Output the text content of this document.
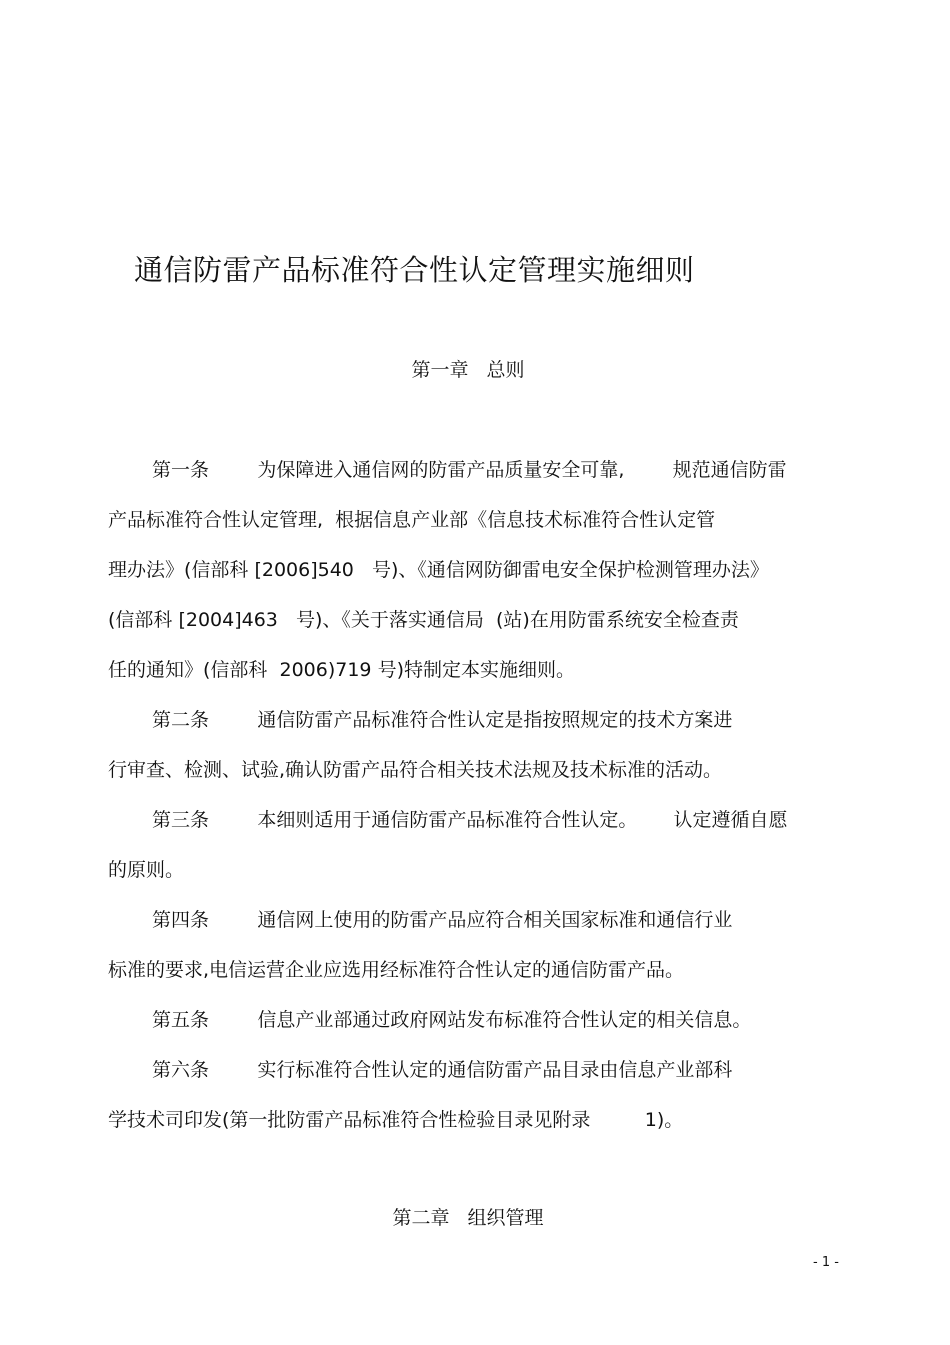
通信防雷产品标准符合性认定管理实施细则
第一章   总则
第一条        为保障进入通信网的防雷产品质量安全可靠,        规范通信防雷
产品标准符合性认定管理,  根据信息产业部《信息技术标准符合性认定管
理办法》(信部科 [2006]540   号)、《通信网防御雷电安全保护检测管理办法》
(信部科 [2004]463   号)、《关于落实通信局  (站)在用防雷系统安全检查责
任的通知》(信部科  2006)719 号)特制定本实施细则。
第二条        通信防雷产品标准符合性认定是指按照规定的技术方案进
行审查、检测、试验,确认防雷产品符合相关技术法规及技术标准的活动。
第三条        本细则适用于通信防雷产品标准符合性认定。      认定遵循自愿
的原则。
第四条        通信网上使用的防雷产品应符合相关国家标准和通信行业
标准的要求,电信运营企业应选用经标准符合性认定的通信防雷产品。
第五条        信息产业部通过政府网站发布标准符合性认定的相关信息。
第六条        实行标准符合性认定的通信防雷产品目录由信息产业部科
学技术司印发(第一批防雷产品标准符合性检验目录见附录         1)。
第二章   组织管理
- 1 -
